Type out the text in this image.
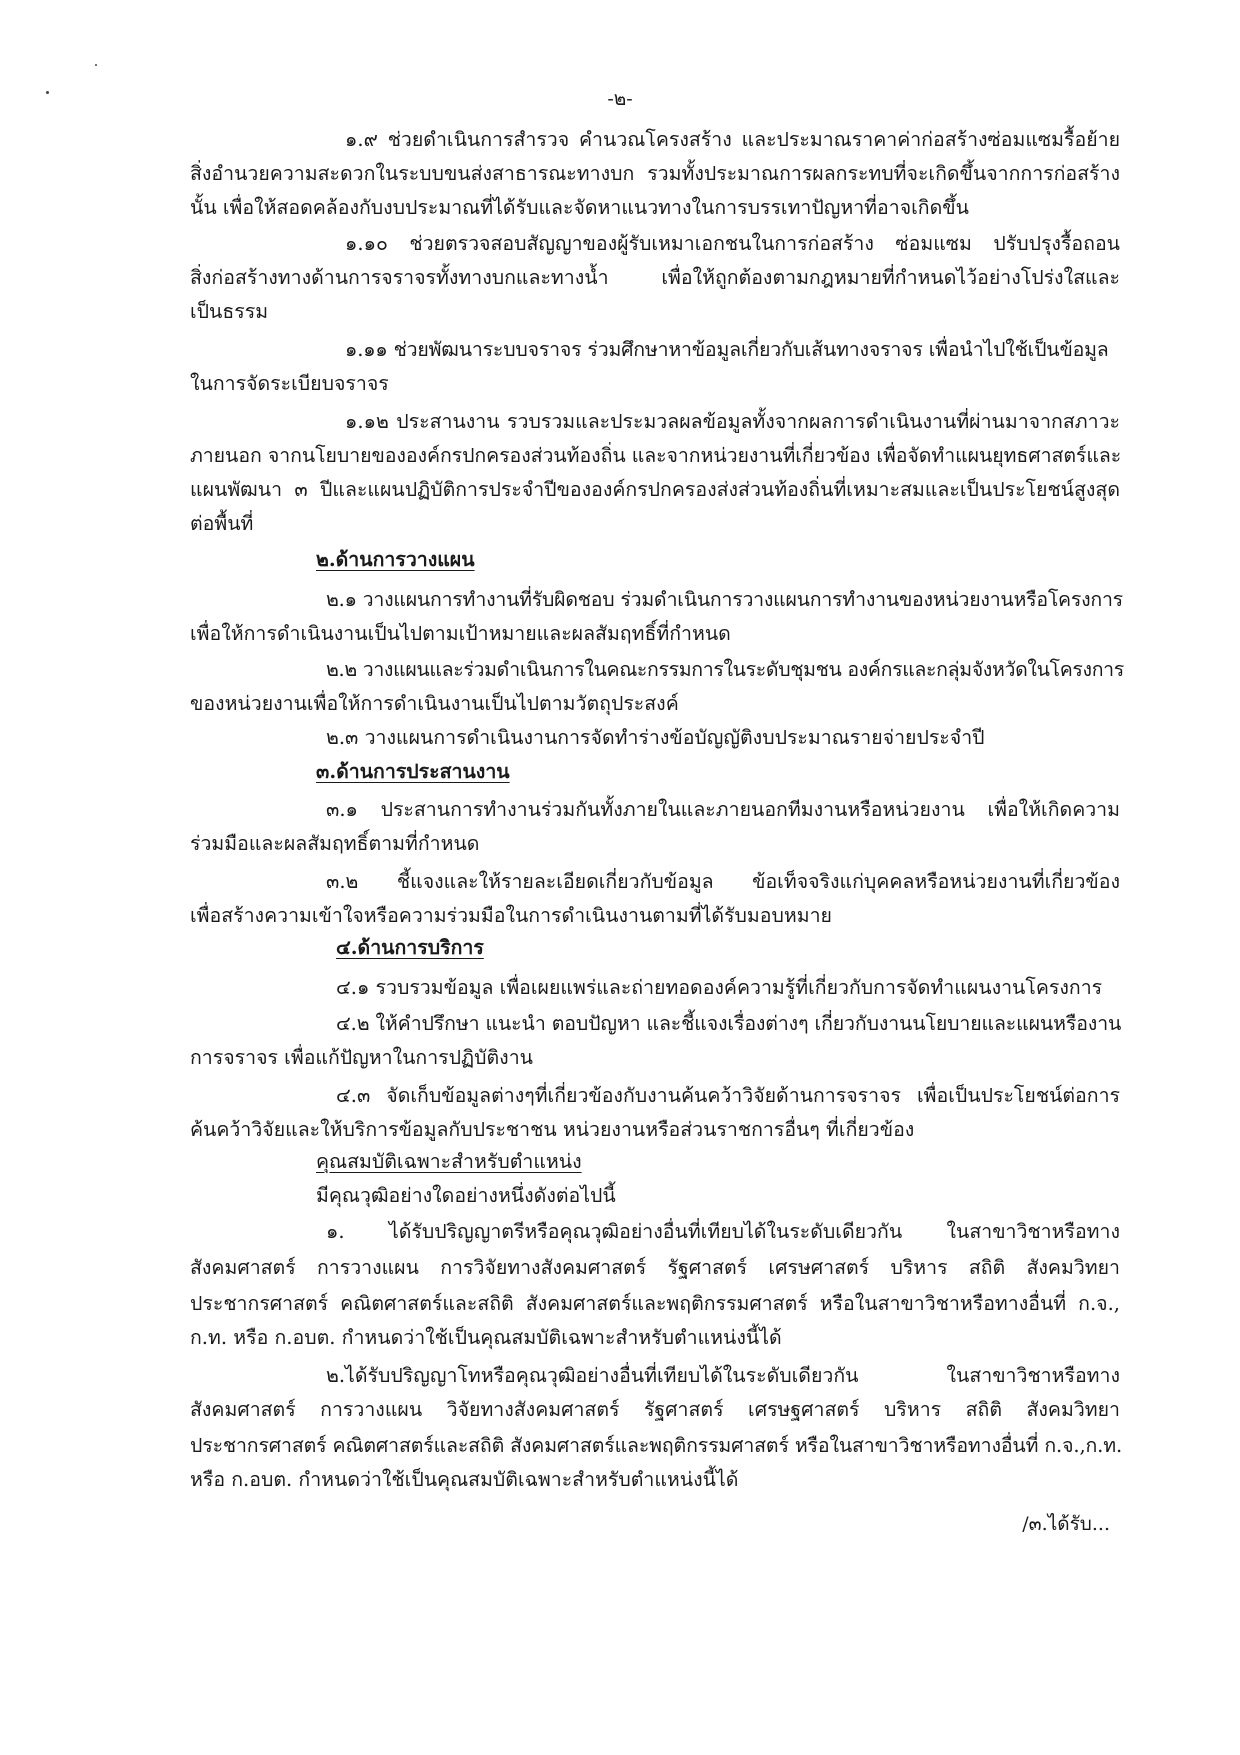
-๒-
๑.๙ ช่วยดำเนินการสำรวจ คำนวณโครงสร้าง และประมาณราคาค่าก่อสร้างซ่อมแซมรื้อย้าย
สิ่งอำนวยความสะดวกในระบบขนส่งสาธารณะทางบก รวมทั้งประมาณการผลกระทบที่จะเกิดขึ้นจากการก่อสร้าง
นั้น เพื่อให้สอดคล้องกับงบประมาณที่ได้รับและจัดหาแนวทางในการบรรเทาปัญหาที่อาจเกิดขึ้น
๑.๑๐ ช่วยตรวจสอบสัญญาของผู้รับเหมาเอกชนในการก่อสร้าง ซ่อมแซม ปรับปรุงรื้อถอน
สิ่งก่อสร้างทางด้านการจราจรทั้งทางบกและทางน้ำ เพื่อให้ถูกต้องตามกฎหมายที่กำหนดไว้อย่างโปร่งใสและ
เป็นธรรม
๑.๑๑ ช่วยพัฒนาระบบจราจร ร่วมศึกษาหาข้อมูลเกี่ยวกับเส้นทางจราจร เพื่อนำไปใช้เป็นข้อมูล
ในการจัดระเบียบจราจร
๑.๑๒ ประสานงาน รวบรวมและประมวลผลข้อมูลทั้งจากผลการดำเนินงานที่ผ่านมาจากสภาวะ
ภายนอก จากนโยบายขององค์กรปกครองส่วนท้องถิ่น และจากหน่วยงานที่เกี่ยวข้อง เพื่อจัดทำแผนยุทธศาสตร์และ
แผนพัฒนา ๓ ปีและแผนปฏิบัติการประจำปีขององค์กรปกครองส่งส่วนท้องถิ่นที่เหมาะสมและเป็นประโยชน์สูงสุด
ต่อพื้นที่
๒.ด้านการวางแผน
๒.๑ วางแผนการทำงานที่รับผิดชอบ ร่วมดำเนินการวางแผนการทำงานของหน่วยงานหรือโครงการ
เพื่อให้การดำเนินงานเป็นไปตามเป้าหมายและผลสัมฤทธิ์ที่กำหนด
๒.๒ วางแผนและร่วมดำเนินการในคณะกรรมการในระดับชุมชน องค์กรและกลุ่มจังหวัดในโครงการ
ของหน่วยงานเพื่อให้การดำเนินงานเป็นไปตามวัตถุประสงค์
๒.๓ วางแผนการดำเนินงานการจัดทำร่างข้อบัญญัติงบประมาณรายจ่ายประจำปี
๓.ด้านการประสานงาน
๓.๑ ประสานการทำงานร่วมกันทั้งภายในและภายนอกทีมงานหรือหน่วยงาน เพื่อให้เกิดความ
ร่วมมือและผลสัมฤทธิ์ตามที่กำหนด
๓.๒ ชี้แจงและให้รายละเอียดเกี่ยวกับข้อมูล ข้อเท็จจริงแก่บุคคลหรือหน่วยงานที่เกี่ยวข้อง
เพื่อสร้างความเข้าใจหรือความร่วมมือในการดำเนินงานตามที่ได้รับมอบหมาย
๔.ด้านการบริการ
๔.๑ รวบรวมข้อมูล เพื่อเผยแพร่และถ่ายทอดองค์ความรู้ที่เกี่ยวกับการจัดทำแผนงานโครงการ
๔.๒ ให้คำปรึกษา แนะนำ ตอบปัญหา และชี้แจงเรื่องต่างๆ เกี่ยวกับงานนโยบายและแผนหรืองาน
การจราจร เพื่อแก้ปัญหาในการปฏิบัติงาน
๔.๓ จัดเก็บข้อมูลต่างๆที่เกี่ยวข้องกับงานค้นคว้าวิจัยด้านการจราจร เพื่อเป็นประโยชน์ต่อการ
ค้นคว้าวิจัยและให้บริการข้อมูลกับประชาชน หน่วยงานหรือส่วนราชการอื่นๆ ที่เกี่ยวข้อง
คุณสมบัติเฉพาะสำหรับตำแหน่ง
มีคุณวุฒิอย่างใดอย่างหนึ่งดังต่อไปนี้
๑. ได้รับปริญญาตรีหรือคุณวุฒิอย่างอื่นที่เทียบได้ในระดับเดียวกัน ในสาขาวิชาหรือทาง
สังคมศาสตร์ การวางแผน การวิจัยทางสังคมศาสตร์ รัฐศาสตร์ เศรษศาสตร์ บริหาร สถิติ สังคมวิทยา
ประชากรศาสตร์ คณิตศาสตร์และสถิติ สังคมศาสตร์และพฤติกรรมศาสตร์ หรือในสาขาวิชาหรือทางอื่นที่ ก.จ.,
ก.ท. หรือ ก.อบต. กำหนดว่าใช้เป็นคุณสมบัติเฉพาะสำหรับตำแหน่งนี้ได้
๒.ได้รับปริญญาโทหรือคุณวุฒิอย่างอื่นที่เทียบได้ในระดับเดียวกัน ในสาขาวิชาหรือทาง
สังคมศาสตร์ การวางแผน วิจัยทางสังคมศาสตร์ รัฐศาสตร์ เศรษฐศาสตร์ บริหาร สถิติ สังคมวิทยา
ประชากรศาสตร์ คณิตศาสตร์และสถิติ สังคมศาสตร์และพฤติกรรมศาสตร์ หรือในสาขาวิชาหรือทางอื่นที่ ก.จ.,ก.ท.
หรือ ก.อบต. กำหนดว่าใช้เป็นคุณสมบัติเฉพาะสำหรับตำแหน่งนี้ได้
/๓.ได้รับ...
